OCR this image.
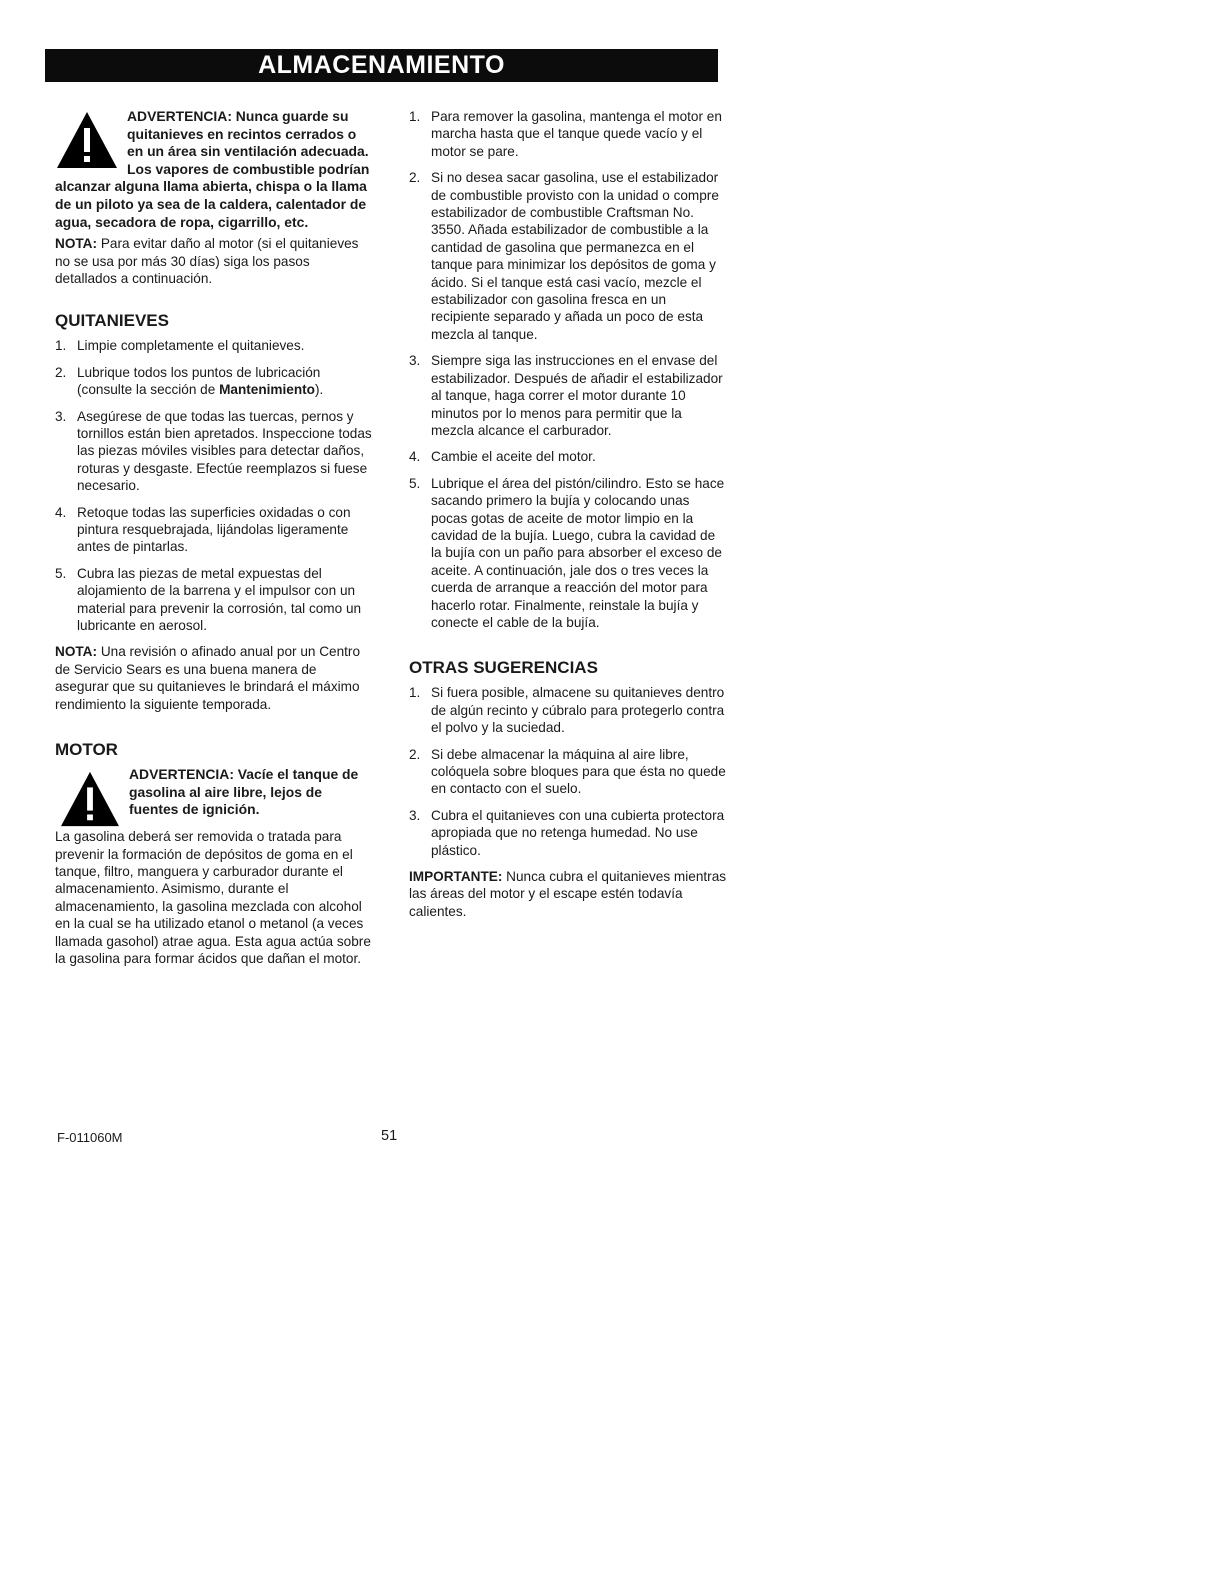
ALMACENAMIENTO
ADVERTENCIA: Nunca guarde su quitanieves en recintos cerrados o en un área sin ventilación adecuada. Los vapores de combustible podrían alcanzar alguna llama abierta, chispa o la llama de un piloto ya sea de la caldera, calentador de agua, secadora de ropa, cigarrillo, etc.
NOTA: Para evitar daño al motor (si el quitanieves no se usa por más 30 días) siga los pasos detallados a continuación.
QUITANIEVES
1. Limpie completamente el quitanieves.
2. Lubrique todos los puntos de lubricación (consulte la sección de Mantenimiento).
3. Asegúrese de que todas las tuercas, pernos y tornillos están bien apretados. Inspeccione todas las piezas móviles visibles para detectar daños, roturas y desgaste. Efectúe reemplazos si fuese necesario.
4. Retoque todas las superficies oxidadas o con pintura resquebrajada, lijándolas ligeramente antes de pintarlas.
5. Cubra las piezas de metal expuestas del alojamiento de la barrena y el impulsor con un material para prevenir la corrosión, tal como un lubricante en aerosol.
NOTA: Una revisión o afinado anual por un Centro de Servicio Sears es una buena manera de asegurar que su quitanieves le brindará el máximo rendimiento la siguiente temporada.
MOTOR
ADVERTENCIA: Vacíe el tanque de gasolina al aire libre, lejos de fuentes de ignición.
La gasolina deberá ser removida o tratada para prevenir la formación de depósitos de goma en el tanque, filtro, manguera y carburador durante el almacenamiento. Asimismo, durante el almacenamiento, la gasolina mezclada con alcohol en la cual se ha utilizado etanol o metanol (a veces llamada gasohol) atrae agua. Esta agua actúa sobre la gasolina para formar ácidos que dañan el motor.
1. Para remover la gasolina, mantenga el motor en marcha hasta que el tanque quede vacío y el motor se pare.
2. Si no desea sacar gasolina, use el estabilizador de combustible provisto con la unidad o compre estabilizador de combustible Craftsman No. 3550. Añada estabilizador de combustible a la cantidad de gasolina que permanezca en el tanque para minimizar los depósitos de goma y ácido. Si el tanque está casi vacío, mezcle el estabilizador con gasolina fresca en un recipiente separado y añada un poco de esta mezcla al tanque.
3. Siempre siga las instrucciones en el envase del estabilizador. Después de añadir el estabilizador al tanque, haga correr el motor durante 10 minutos por lo menos para permitir que la mezcla alcance el carburador.
4. Cambie el aceite del motor.
5. Lubrique el área del pistón/cilindro. Esto se hace sacando primero la bujía y colocando unas pocas gotas de aceite de motor limpio en la cavidad de la bujía. Luego, cubra la cavidad de la bujía con un paño para absorber el exceso de aceite. A continuación, jale dos o tres veces la cuerda de arranque a reacción del motor para hacerlo rotar. Finalmente, reinstale la bujía y conecte el cable de la bujía.
OTRAS SUGERENCIAS
1. Si fuera posible, almacene su quitanieves dentro de algún recinto y cúbralo para protegerlo contra el polvo y la suciedad.
2. Si debe almacenar la máquina al aire libre, colóquela sobre bloques para que ésta no quede en contacto con el suelo.
3. Cubra el quitanieves con una cubierta protectora apropiada que no retenga humedad. No use plástico.
IMPORTANTE: Nunca cubra el quitanieves mientras las áreas del motor y el escape estén todavía calientes.
F-011060M	51
